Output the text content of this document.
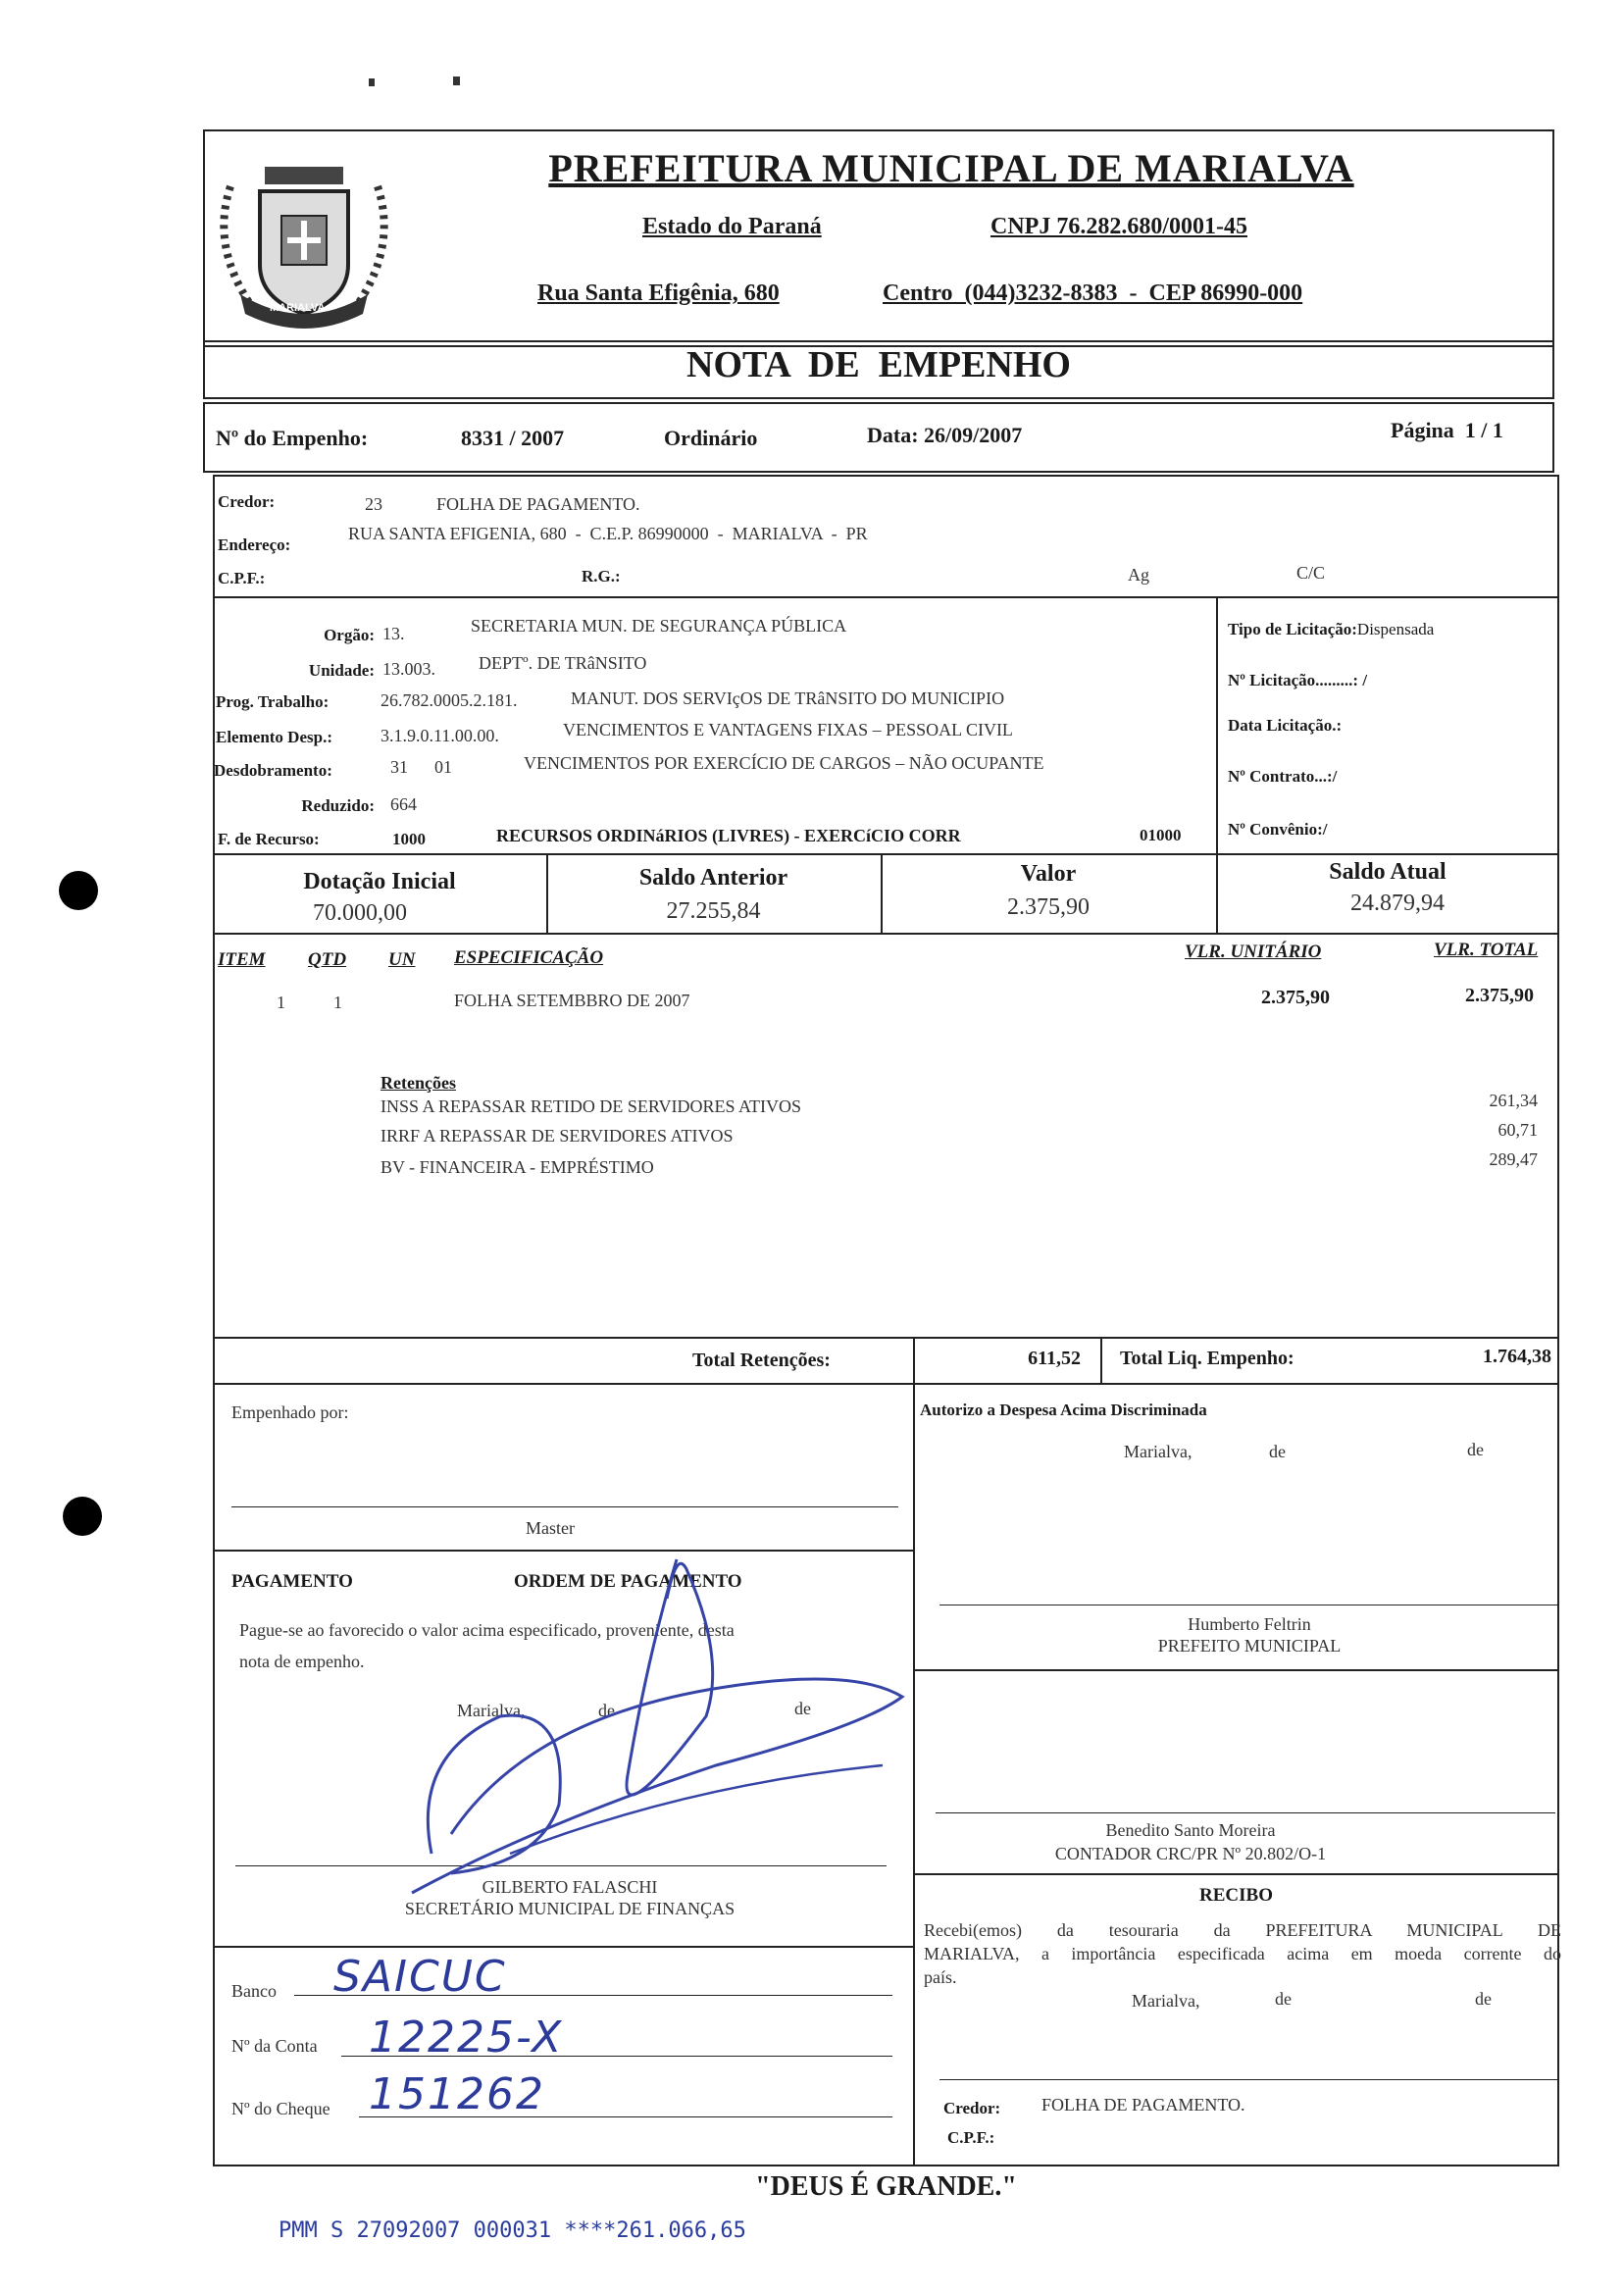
MARIALVA
PREFEITURA MUNICIPAL DE MARIALVA
Estado do Paraná	CNPJ 76.282.680/0001-45
Rua Santa Efigênia, 680	Centro  (044)3232-8383  -  CEP 86990-000
NOTA  DE  EMPENHO
Nº do Empenho:	8331 / 2007	Ordinário	Data: 26/09/2007	Página  1 / 1
Credor:	23	FOLHA DE PAGAMENTO.
Endereço:
RUA SANTA EFIGENIA, 680  -  C.E.P. 86990000  -  MARIALVA  -  PR
C.P.F.:	R.G.:	Ag	C/C
Orgão: 13.	SECRETARIA MUN. DE SEGURANÇA PÚBLICA
Unidade: 13.003. DEPTº. DE TRâNSITO
Prog. Trabalho:	26.782.0005.2.181.	MANUT. DOS SERVIçOS DE TRâNSITO DO MUNICIPIO
Elemento Desp.:	3.1.9.0.11.00.00.	VENCIMENTOS E VANTAGENS FIXAS – PESSOAL CIVIL
Desdobramento:	31      01	VENCIMENTOS POR EXERCÍCIO DE CARGOS – NÃO OCUPANTE
Reduzido: 664
F. de Recurso:	1000	RECURSOS ORDINáRIOS (LIVRES) - EXERCíCIO CORR	01000
Tipo de Licitação:Dispensada
Nº Licitação.........: /
Data Licitação.:
Nº Contrato...:/
Nº Convênio:/
Dotação Inicial
70.000,00
Saldo Anterior
27.255,84
Valor
2.375,90
Saldo Atual
24.879,94
ITEM QTD UN ESPECIFICAÇÃO	VLR. UNITÁRIO	VLR. TOTAL
1	1	FOLHA SETEMBBRO DE 2007	2.375,90	2.375,90
Retenções
INSS A REPASSAR RETIDO DE SERVIDORES ATIVOS	261,34
IRRF A REPASSAR DE SERVIDORES ATIVOS	60,71
BV - FINANCEIRA - EMPRÉSTIMO	289,47
Total Retenções:	611,52 Total Liq. Empenho:	1.764,38
Empenhado por:
Master
Autorizo a Despesa Acima Discriminada
Marialva,	de	de
Humberto Feltrin
PREFEITO MUNICIPAL
PAGAMENTO	ORDEM DE PAGAMENTO
Pague-se ao favorecido o valor acima especificado, proveniente, desta
nota de empenho.
Marialva,	de	de
GILBERTO FALASCHI
SECRETÁRIO MUNICIPAL DE FINANÇAS
Benedito Santo Moreira
CONTADOR CRC/PR Nº 20.802/O-1
Banco SAICUC
Nº da Conta 12225-X
Nº do Cheque 151262
RECIBO
Recebi(emos) da tesouraria da PREFEITURA MUNICIPAL DE
MARIALVA, a importância especificada acima em moeda corrente do
país.
Marialva,	de	de
Credor: FOLHA DE PAGAMENTO.
C.P.F.:
"DEUS É GRANDE."
PMM S 27092007 000031 ****261.066,65
